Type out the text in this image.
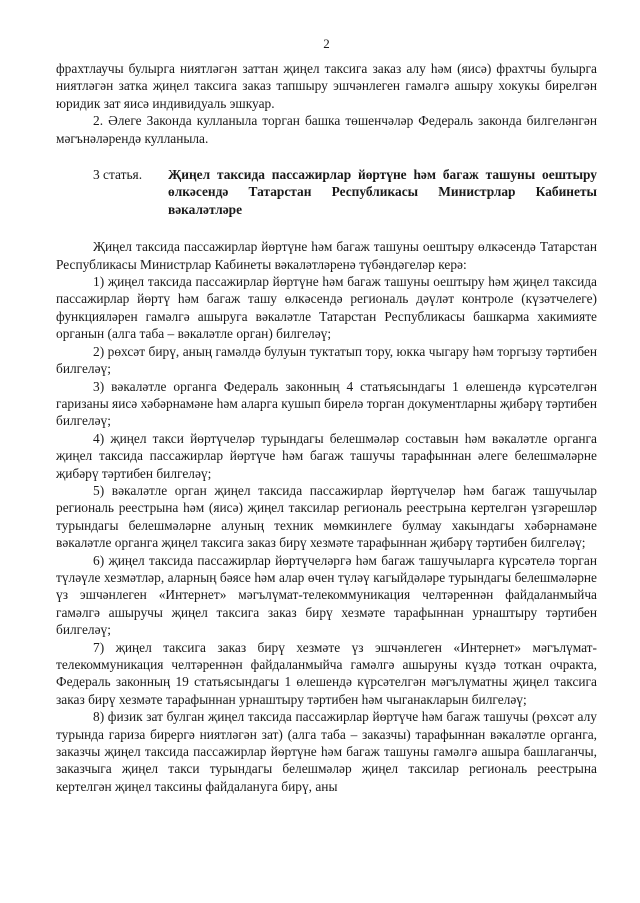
2

фрахтлаучы булырга ниятләгән заттан җиңел таксига заказ алу һәм (яисә) фрахтчы булырга ниятләгән затка җиңел таксига заказ тапшыру эшчәнлеген гамәлгә ашыру хокукы бирелгән юридик зат яисә индивидуаль эшкуар.

2. Әлеге Законда кулланыла торган башка төшенчәләр Федераль законда билгеләнгән мәгънәләрендә кулланыла.

3 статья.	Җиңел таксида пассажирлар йөртүне һәм багаж ташуны оештыру өлкәсендә Татарстан Республикасы Министрлар Кабинеты вәкаләтләре

Җиңел таксида пассажирлар йөртүне һәм багаж ташуны оештыру өлкәсендә Татарстан Республикасы Министрлар Кабинеты вәкаләтләренә түбәндәгеләр керә:

1) җиңел таксида пассажирлар йөртүне һәм багаж ташуны оештыру һәм җиңел таксида пассажирлар йөртү һәм багаж ташу өлкәсендә региональ дәүләт контроле (күзәтчелеге) функцияләрен гамәлгә ашыруга вәкаләтле Татарстан Республикасы башкарма хакимияте органын (алга таба – вәкаләтле орган) билгеләү;

2) рөхсәт бирү, аның гамәлдә булуын туктатып тору, юкка чыгару һәм торгызу тәртибен билгеләү;

3) вәкаләтле органга Федераль законның 4 статьясындагы 1 өлешендә күрсәтелгән гаризаны яисә хәбәрнамәне һәм аларга кушып бирелә торган документларны җибәрү тәртибен билгеләү;

4) җиңел такси йөртүчеләр турындагы белешмәләр составын һәм вәкаләтле органга җиңел таксида пассажирлар йөртүче һәм багаж ташучы тарафыннан әлеге белешмәләрне җибәрү тәртибен билгеләү;

5) вәкаләтле орган җиңел таксида пассажирлар йөртүчеләр һәм багаж ташучылар региональ реестрына һәм (яисә) җиңел таксилар региональ реестрына кертелгән үзгәрешләр турындагы белешмәләрне алуның техник мөмкинлеге булмау хакындагы хәбәрнамәне вәкаләтле органга җиңел таксига заказ бирү хезмәте тарафыннан җибәрү тәртибен билгеләү;

6) җиңел таксида пассажирлар йөртүчеләргә һәм багаж ташучыларга күрсәтелә торган түләүле хезмәтләр, аларның бәясе һәм алар өчен түләү кагыйдәләре турындагы белешмәләрне үз эшчәнлеген «Интернет» мәгълүмат-телекоммуникация челтәреннән файдаланмыйча гамәлгә ашыручы җиңел таксига заказ бирү хезмәте тарафыннан урнаштыру тәртибен билгеләү;

7) җиңел таксига заказ бирү хезмәте үз эшчәнлеген «Интернет» мәгълүмат-телекоммуникация челтәреннән файдаланмыйча гамәлгә ашыруны күздә тоткан очракта, Федераль законның 19 статьясындагы 1 өлешендә күрсәтелгән мәгълүматны җиңел таксига заказ бирү хезмәте тарафыннан урнаштыру тәртибен һәм чыганакларын билгеләү;

8) физик зат булган җиңел таксида пассажирлар йөртүче һәм багаж ташучы (рөхсәт алу турында гариза бирергә ниятләгән зат) (алга таба – заказчы) тарафыннан вәкаләтле органга, заказчы җиңел таксида пассажирлар йөртүне һәм багаж ташуны гамәлгә ашыра башлаганчы, заказчыга җиңел такси турындагы белешмәләр җиңел таксилар региональ реестрына кертелгән җиңел таксины файдалануга бирү, аны
